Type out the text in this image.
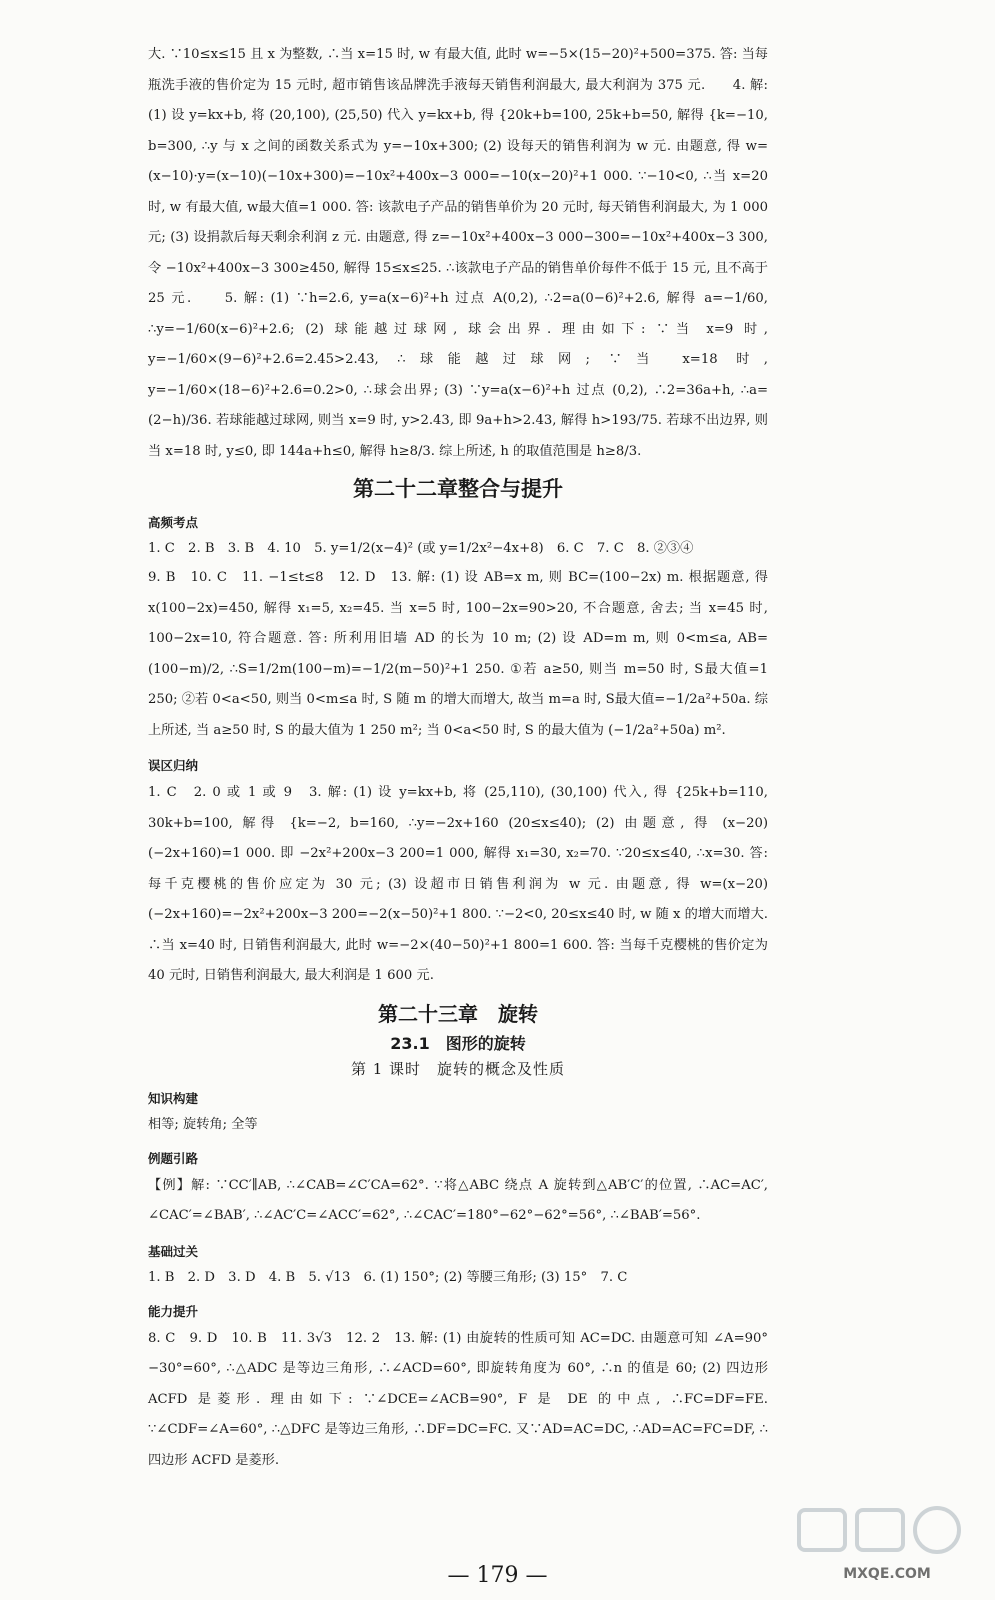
大. ∵10≤x≤15 且 x 为整数, ∴当 x=15 时, w 有最大值, 此时 w=−5×(15−20)²+500=375. 答: 当每瓶洗手液的售价定为 15 元时, 超市销售该品牌洗手液每天销售利润最大, 最大利润为 375 元.　　4. 解: (1) 设 y=kx+b, 将 (20,100), (25,50) 代入 y=kx+b, 得 {20k+b=100, 25k+b=50, 解得 {k=−10, b=300, ∴y 与 x 之间的函数关系式为 y=−10x+300; (2) 设每天的销售利润为 w 元. 由题意, 得 w=(x−10)·y=(x−10)(−10x+300)=−10x²+400x−3 000=−10(x−20)²+1 000. ∵−10<0, ∴当 x=20 时, w 有最大值, w最大值=1 000. 答: 该款电子产品的销售单价为 20 元时, 每天销售利润最大, 为 1 000 元; (3) 设捐款后每天剩余利润 z 元. 由题意, 得 z=−10x²+400x−3 000−300=−10x²+400x−3 300, 令 −10x²+400x−3 300≥450, 解得 15≤x≤25. ∴该款电子产品的销售单价每件不低于 15 元, 且不高于 25 元.　　5. 解: (1) ∵h=2.6, y=a(x−6)²+h 过点 A(0,2), ∴2=a(0−6)²+2.6, 解得 a=−1/60, ∴y=−1/60(x−6)²+2.6; (2) 球能越过球网, 球会出界. 理由如下: ∵当 x=9 时, y=−1/60×(9−6)²+2.6=2.45>2.43, ∴球能越过球网; ∵当 x=18 时, y=−1/60×(18−6)²+2.6=0.2>0, ∴球会出界; (3) ∵y=a(x−6)²+h 过点 (0,2), ∴2=36a+h, ∴a=(2−h)/36. 若球能越过球网, 则当 x=9 时, y>2.43, 即 9a+h>2.43, 解得 h>193/75. 若球不出边界, 则当 x=18 时, y≤0, 即 144a+h≤0, 解得 h≥8/3. 综上所述, h 的取值范围是 h≥8/3.

第二十二章整合与提升
高频考点

1. C　2. B　3. B　4. 10　5. y=1/2(x−4)² (或 y=1/2x²−4x+8)　6. C　7. C　8. ②③④

9. B　10. C　11. −1≤t≤8　12. D　13. 解: (1) 设 AB=x m, 则 BC=(100−2x) m. 根据题意, 得 x(100−2x)=450, 解得 x₁=5, x₂=45. 当 x=5 时, 100−2x=90>20, 不合题意, 舍去; 当 x=45 时, 100−2x=10, 符合题意. 答: 所利用旧墙 AD 的长为 10 m; (2) 设 AD=m m, 则 0<m≤a, AB=(100−m)/2, ∴S=1/2m(100−m)=−1/2(m−50)²+1 250. ①若 a≥50, 则当 m=50 时, S最大值=1 250; ②若 0<a<50, 则当 0<m≤a 时, S 随 m 的增大而增大, 故当 m=a 时, S最大值=−1/2a²+50a. 综上所述, 当 a≥50 时, S 的最大值为 1 250 m²; 当 0<a<50 时, S 的最大值为 (−1/2a²+50a) m².

误区归纳

1. C　2. 0 或 1 或 9　3. 解: (1) 设 y=kx+b, 将 (25,110), (30,100) 代入, 得 {25k+b=110, 30k+b=100, 解得 {k=−2, b=160, ∴y=−2x+160 (20≤x≤40); (2) 由题意, 得 (x−20)(−2x+160)=1 000. 即 −2x²+200x−3 200=1 000, 解得 x₁=30, x₂=70. ∵20≤x≤40, ∴x=30. 答: 每千克樱桃的售价应定为 30 元; (3) 设超市日销售利润为 w 元. 由题意, 得 w=(x−20)(−2x+160)=−2x²+200x−3 200=−2(x−50)²+1 800. ∵−2<0, 20≤x≤40 时, w 随 x 的增大而增大. ∴当 x=40 时, 日销售利润最大, 此时 w=−2×(40−50)²+1 800=1 600. 答: 当每千克樱桃的售价定为 40 元时, 日销售利润最大, 最大利润是 1 600 元.

第二十三章　旋转
23.1　图形的旋转
第 1 课时　旋转的概念及性质
知识构建

相等; 旋转角; 全等

例题引路

【例】解: ∵CC′∥AB, ∴∠CAB=∠C′CA=62°. ∵将△ABC 绕点 A 旋转到△AB′C′的位置, ∴AC=AC′, ∠CAC′=∠BAB′, ∴∠AC′C=∠ACC′=62°, ∴∠CAC′=180°−62°−62°=56°, ∴∠BAB′=56°.

基础过关

1. B　2. D　3. D　4. B　5. √13　6. (1) 150°; (2) 等腰三角形; (3) 15°　7. C

能力提升

8. C　9. D　10. B　11. 3√3　12. 2　13. 解: (1) 由旋转的性质可知 AC=DC. 由题意可知 ∠A=90°−30°=60°, ∴△ADC 是等边三角形, ∴∠ACD=60°, 即旋转角度为 60°, ∴n 的值是 60; (2) 四边形 ACFD 是菱形. 理由如下: ∵∠DCE=∠ACB=90°, F 是 DE 的中点, ∴FC=DF=FE. ∵∠CDF=∠A=60°, ∴△DFC 是等边三角形, ∴DF=DC=FC. 又∵AD=AC=DC, ∴AD=AC=FC=DF, ∴四边形 ACFD 是菱形.

— 179 —	MXQE.COM
